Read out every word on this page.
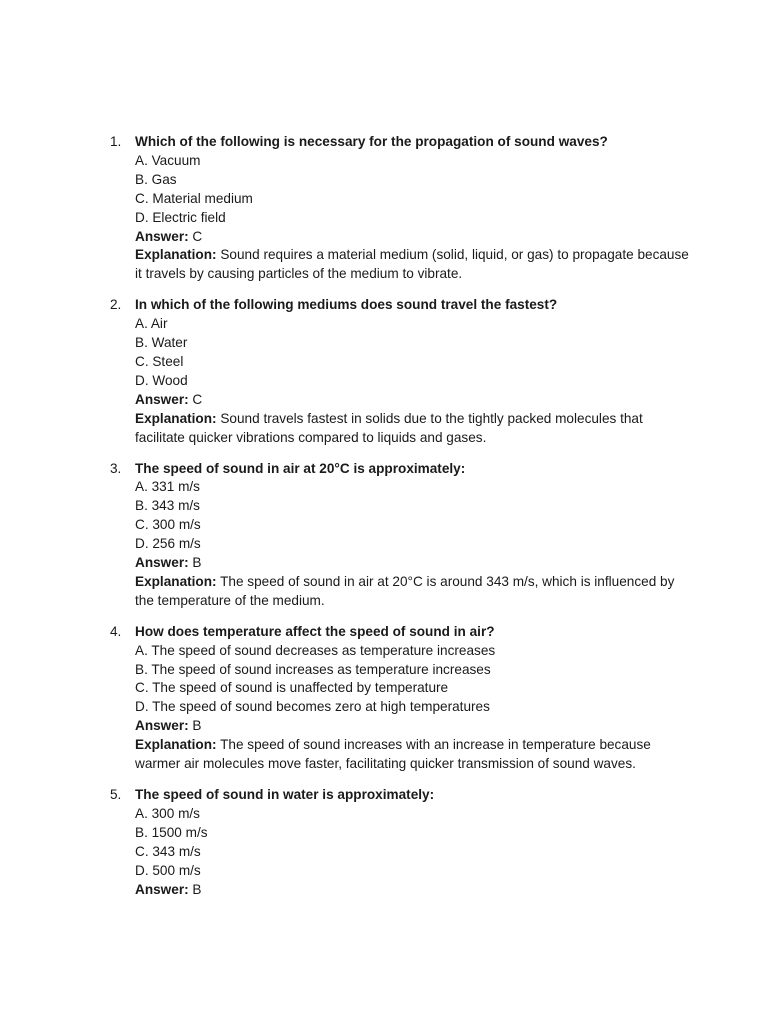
1.	Which of the following is necessary for the propagation of sound waves?
A. Vacuum
B. Gas
C. Material medium
D. Electric field
Answer: C
Explanation: Sound requires a material medium (solid, liquid, or gas) to propagate because it travels by causing particles of the medium to vibrate.
2.	In which of the following mediums does sound travel the fastest?
A. Air
B. Water
C. Steel
D. Wood
Answer: C
Explanation: Sound travels fastest in solids due to the tightly packed molecules that facilitate quicker vibrations compared to liquids and gases.
3.	The speed of sound in air at 20°C is approximately:
A. 331 m/s
B. 343 m/s
C. 300 m/s
D. 256 m/s
Answer: B
Explanation: The speed of sound in air at 20°C is around 343 m/s, which is influenced by the temperature of the medium.
4.	How does temperature affect the speed of sound in air?
A. The speed of sound decreases as temperature increases
B. The speed of sound increases as temperature increases
C. The speed of sound is unaffected by temperature
D. The speed of sound becomes zero at high temperatures
Answer: B
Explanation: The speed of sound increases with an increase in temperature because warmer air molecules move faster, facilitating quicker transmission of sound waves.
5.	The speed of sound in water is approximately:
A. 300 m/s
B. 1500 m/s
C. 343 m/s
D. 500 m/s
Answer: B
